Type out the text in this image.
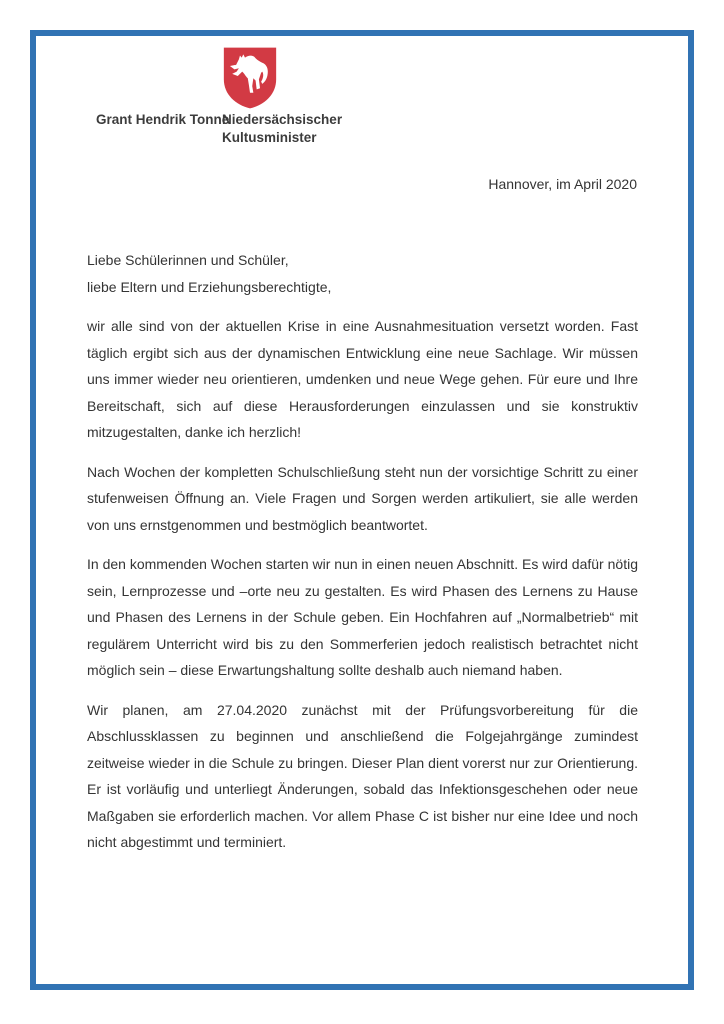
Grant Hendrik Tonne
Niedersächsischer
Kultusminister
Hannover, im April 2020
Liebe Schülerinnen und Schüler,
liebe Eltern und Erziehungsberechtigte,

wir alle sind von der aktuellen Krise in eine Ausnahmesituation versetzt worden. Fast täglich ergibt sich aus der dynamischen Entwicklung eine neue Sachlage. Wir müssen uns immer wieder neu orientieren, umdenken und neue Wege gehen. Für eure und Ihre Bereitschaft, sich auf diese Herausforderungen einzulassen und sie konstruktiv mitzugestalten, danke ich herzlich!

Nach Wochen der kompletten Schulschließung steht nun der vorsichtige Schritt zu einer stufenweisen Öffnung an. Viele Fragen und Sorgen werden artikuliert, sie alle werden von uns ernstgenommen und bestmöglich beantwortet.

In den kommenden Wochen starten wir nun in einen neuen Abschnitt. Es wird dafür nötig sein, Lernprozesse und –orte neu zu gestalten. Es wird Phasen des Lernens zu Hause und Phasen des Lernens in der Schule geben. Ein Hochfahren auf „Normalbetrieb“ mit regulärem Unterricht wird bis zu den Sommerferien jedoch realistisch betrachtet nicht möglich sein – diese Erwartungshaltung sollte deshalb auch niemand haben.

Wir planen, am 27.04.2020 zunächst mit der Prüfungsvorbereitung für die Abschlussklassen zu beginnen und anschließend die Folgejahrgänge zumindest zeitweise wieder in die Schule zu bringen. Dieser Plan dient vorerst nur zur Orientierung. Er ist vorläufig und unterliegt Änderungen, sobald das Infektionsgeschehen oder neue Maßgaben sie erforderlich machen. Vor allem Phase C ist bisher nur eine Idee und noch nicht abgestimmt und terminiert.
